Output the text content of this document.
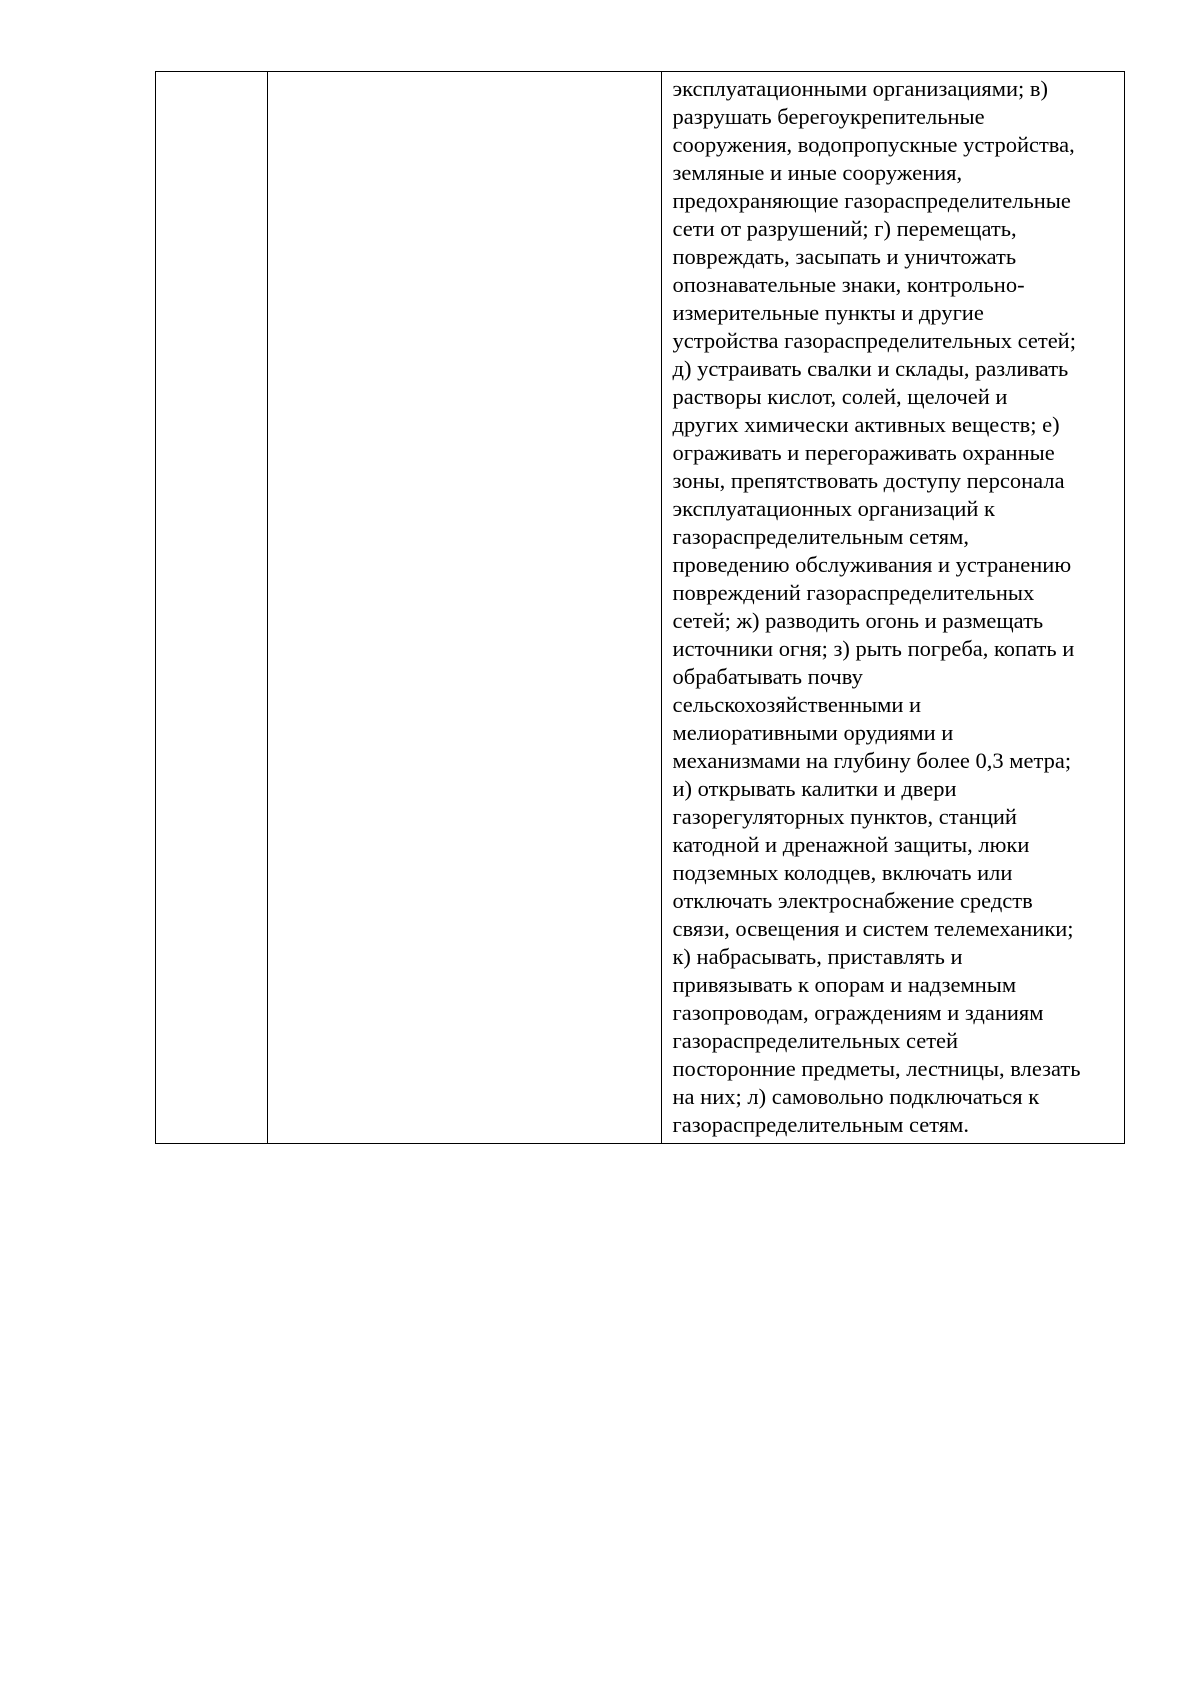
эксплуатационными организациями; в)
разрушать берегоукрепительные
сооружения, водопропускные устройства,
земляные и иные сооружения,
предохраняющие газораспределительные
сети от разрушений; г) перемещать,
повреждать, засыпать и уничтожать
опознавательные знаки, контрольно-
измерительные пункты и другие
устройства газораспределительных сетей;
д) устраивать свалки и склады, разливать
растворы кислот, солей, щелочей и
других химически активных веществ; е)
ограживать и перегораживать охранные
зоны, препятствовать доступу персонала
эксплуатационных организаций к
газораспределительным сетям,
проведению обслуживания и устранению
повреждений газораспределительных
сетей; ж) разводить огонь и размещать
источники огня; з) рыть погреба, копать и
обрабатывать почву
сельскохозяйственными и
мелиоративными орудиями и
механизмами на глубину более 0,3 метра;
и) открывать калитки и двери
газорегуляторных пунктов, станций
катодной и дренажной защиты, люки
подземных колодцев, включать или
отключать электроснабжение средств
связи, освещения и систем телемеханики;
к) набрасывать, приставлять и
привязывать к опорам и надземным
газопроводам, ограждениям и зданиям
газораспределительных сетей
посторонние предметы, лестницы, влезать
на них; л) самовольно подключаться к
газораспределительным сетям.
